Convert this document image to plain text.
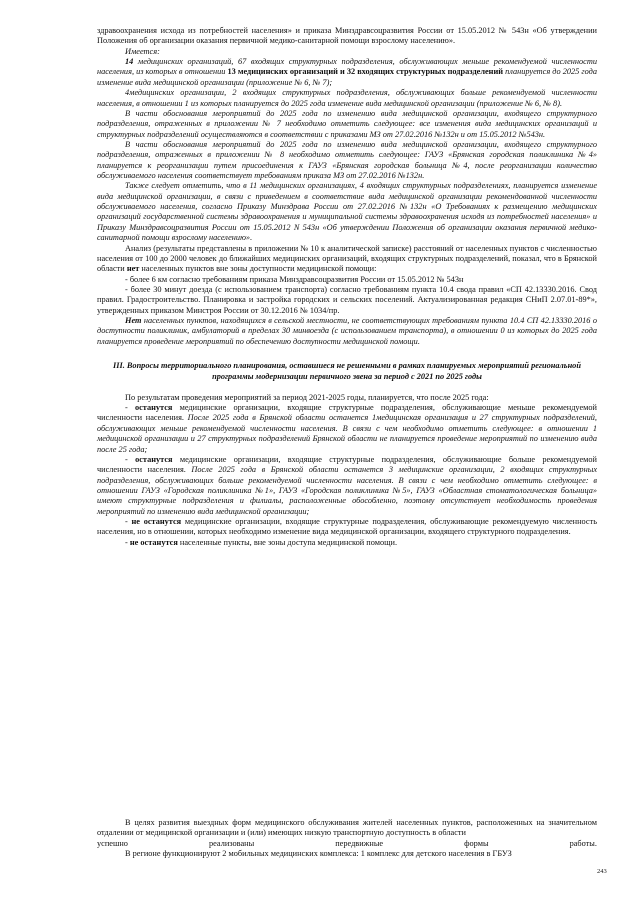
здравоохранения исхода из потребностей населения» и приказа Минздравсоцразвития России от 15.05.2012 № 543н «Об утверждении Положения об организации оказания первичной медико-санитарной помощи взрослому населению».

Имеется:

14 медицинских организаций, 67 входящих структурных подразделения, обслуживающих меньше рекомендуемой численности населения, из которых в отношении 13 медицинских организаций и 32 входящих структурных подразделений планируется до 2025 года изменение вида медицинской организации (приложение № 6, № 7);

4медицинских организации, 2 входящих структурных подразделения, обслуживающих больше рекомендуемой численности населения, в отношении 1 из которых планируется до 2025 года изменение вида медицинской организации (приложение № 6, № 8).

В части обоснования мероприятий до 2025 года по изменению вида медицинской организации, входящего структурного подразделения, отраженных в приложении № 7 необходимо отметить следующее: все изменения вида медицинских организаций и структурных подразделений осуществляются в соответствии с приказами МЗ от 27.02.2016 №132н и от 15.05.2012 №543н.

В части обоснования мероприятий до 2025 года по изменению вида медицинской организации, входящего структурного подразделения, отраженных в приложении № 8 необходимо отметить следующее: ГАУЗ «Брянская городская поликлиника №4» планируется к реорганизации путем присоединения к ГАУЗ «Брянская городская больница №4, после реорганизации количество обслуживаемого населения соответствует требованиям приказа МЗ от 27.02.2016 №132н.

Также следует отметить, что в 11 медицинских организациях, 4 входящих структурных подразделениях, планируется изменение вида медицинской организации, в связи с приведением в соответствие вида медицинской организации рекомендованной численности обслуживаемого населения, согласно Приказу Минздрава России от 27.02.2016 №132н «О Требованиях к размещению медицинских организаций государственной системы здравоохранения и муниципальной системы здравоохранения исходя из потребностей населения» и Приказу Минздравсоцразвития России от 15.05.2012 N 543н «Об утверждении Положения об организации оказания первичной медико-санитарной помощи взрослому населению».

Анализ (результаты представлены в приложении № 10 к аналитической записке) расстояний от населенных пунктов с численностью населения от 100 до 2000 человек до ближайших медицинских организаций, входящих структурных подразделений, показал, что в Брянской области нет населенных пунктов вне зоны доступности медицинской помощи:

- более 6 км согласно требованиям приказа Минздравсоцразвития России от 15.05.2012 № 543н

- более 30 минут доезда (с использованием транспорта) согласно требованиям пункта 10.4 свода правил «СП 42.13330.2016. Свод правил. Градостроительство. Планировка и застройка городских и сельских поселений. Актуализированная редакция СНиП 2.07.01-89*», утвержденных приказом Минстроя России от 30.12.2016 № 1034/пр.

Нет населенных пунктов, находящихся в сельской местности, не соответствующих требованиям пункта 10.4 СП 42.13330.2016 о доступности поликлиник, амбулаторий в пределах 30 минвоезда (с использованием транспорта), в отношении 0 из которых до 2025 года планируется проведение мероприятий по обеспечению доступности медицинской помощи.

III. Вопросы территориального планирования, оставшиеся не решенными в рамках планируемых мероприятий региональной программы модернизации первичного звена за период с 2021 по 2025 годы

По результатам проведения мероприятий за период 2021-2025 годы, планируется, что после 2025 года:

- останутся медицинские организации, входящие структурные подразделения, обслуживающие меньше рекомендуемой численности населения. После 2025 года в Брянской области останется 1медицинская организация и 27 структурных подразделений, обслуживающих меньше рекомендуемой численности населения. В связи с чем необходимо отметить следующее: в отношении 1 медицинской организации и 27 структурных подразделений Брянской области не планируется проведение мероприятий по изменению вида после 25 года;

- останутся медицинские организации, входящие структурные подразделения, обслуживающие больше рекомендуемой численности населения. После 2025 года в Брянской области останется 3 медицинские организации, 2 входящих структурных подразделения, обслуживающих больше рекомендуемой численности населения. В связи с чем необходимо отметить следующее: в отношении ГАУЗ «Городская поликлиника №1», ГАУЗ «Городская поликлиника №5», ГАУЗ «Областная стоматологическая больница» имеют структурные подразделения и филиалы, расположенные обособленно, поэтому отсутствует необходимость проведения мероприятий по изменению вида медицинской организации;

- не останутся медицинские организации, входящие структурные подразделения, обслуживающие рекомендуемую численность населения, но в отношении, которых необходимо изменение вида медицинской организации, входящего структурного подразделения.

- не останутся населенные пункты, вне зоны доступа медицинской помощи.

В целях развития выездных форм медицинского обслуживания жителей населенных пунктов, расположенных на значительном отдалении от медицинской организации и (или) имеющих низкую транспортную доступность в области

успешно	реализованы	передвижные	формы	работы.

В регионе функционируют 2 мобильных медицинских комплекса: 1 комплекс для детского населения в ГБУЗ

243
